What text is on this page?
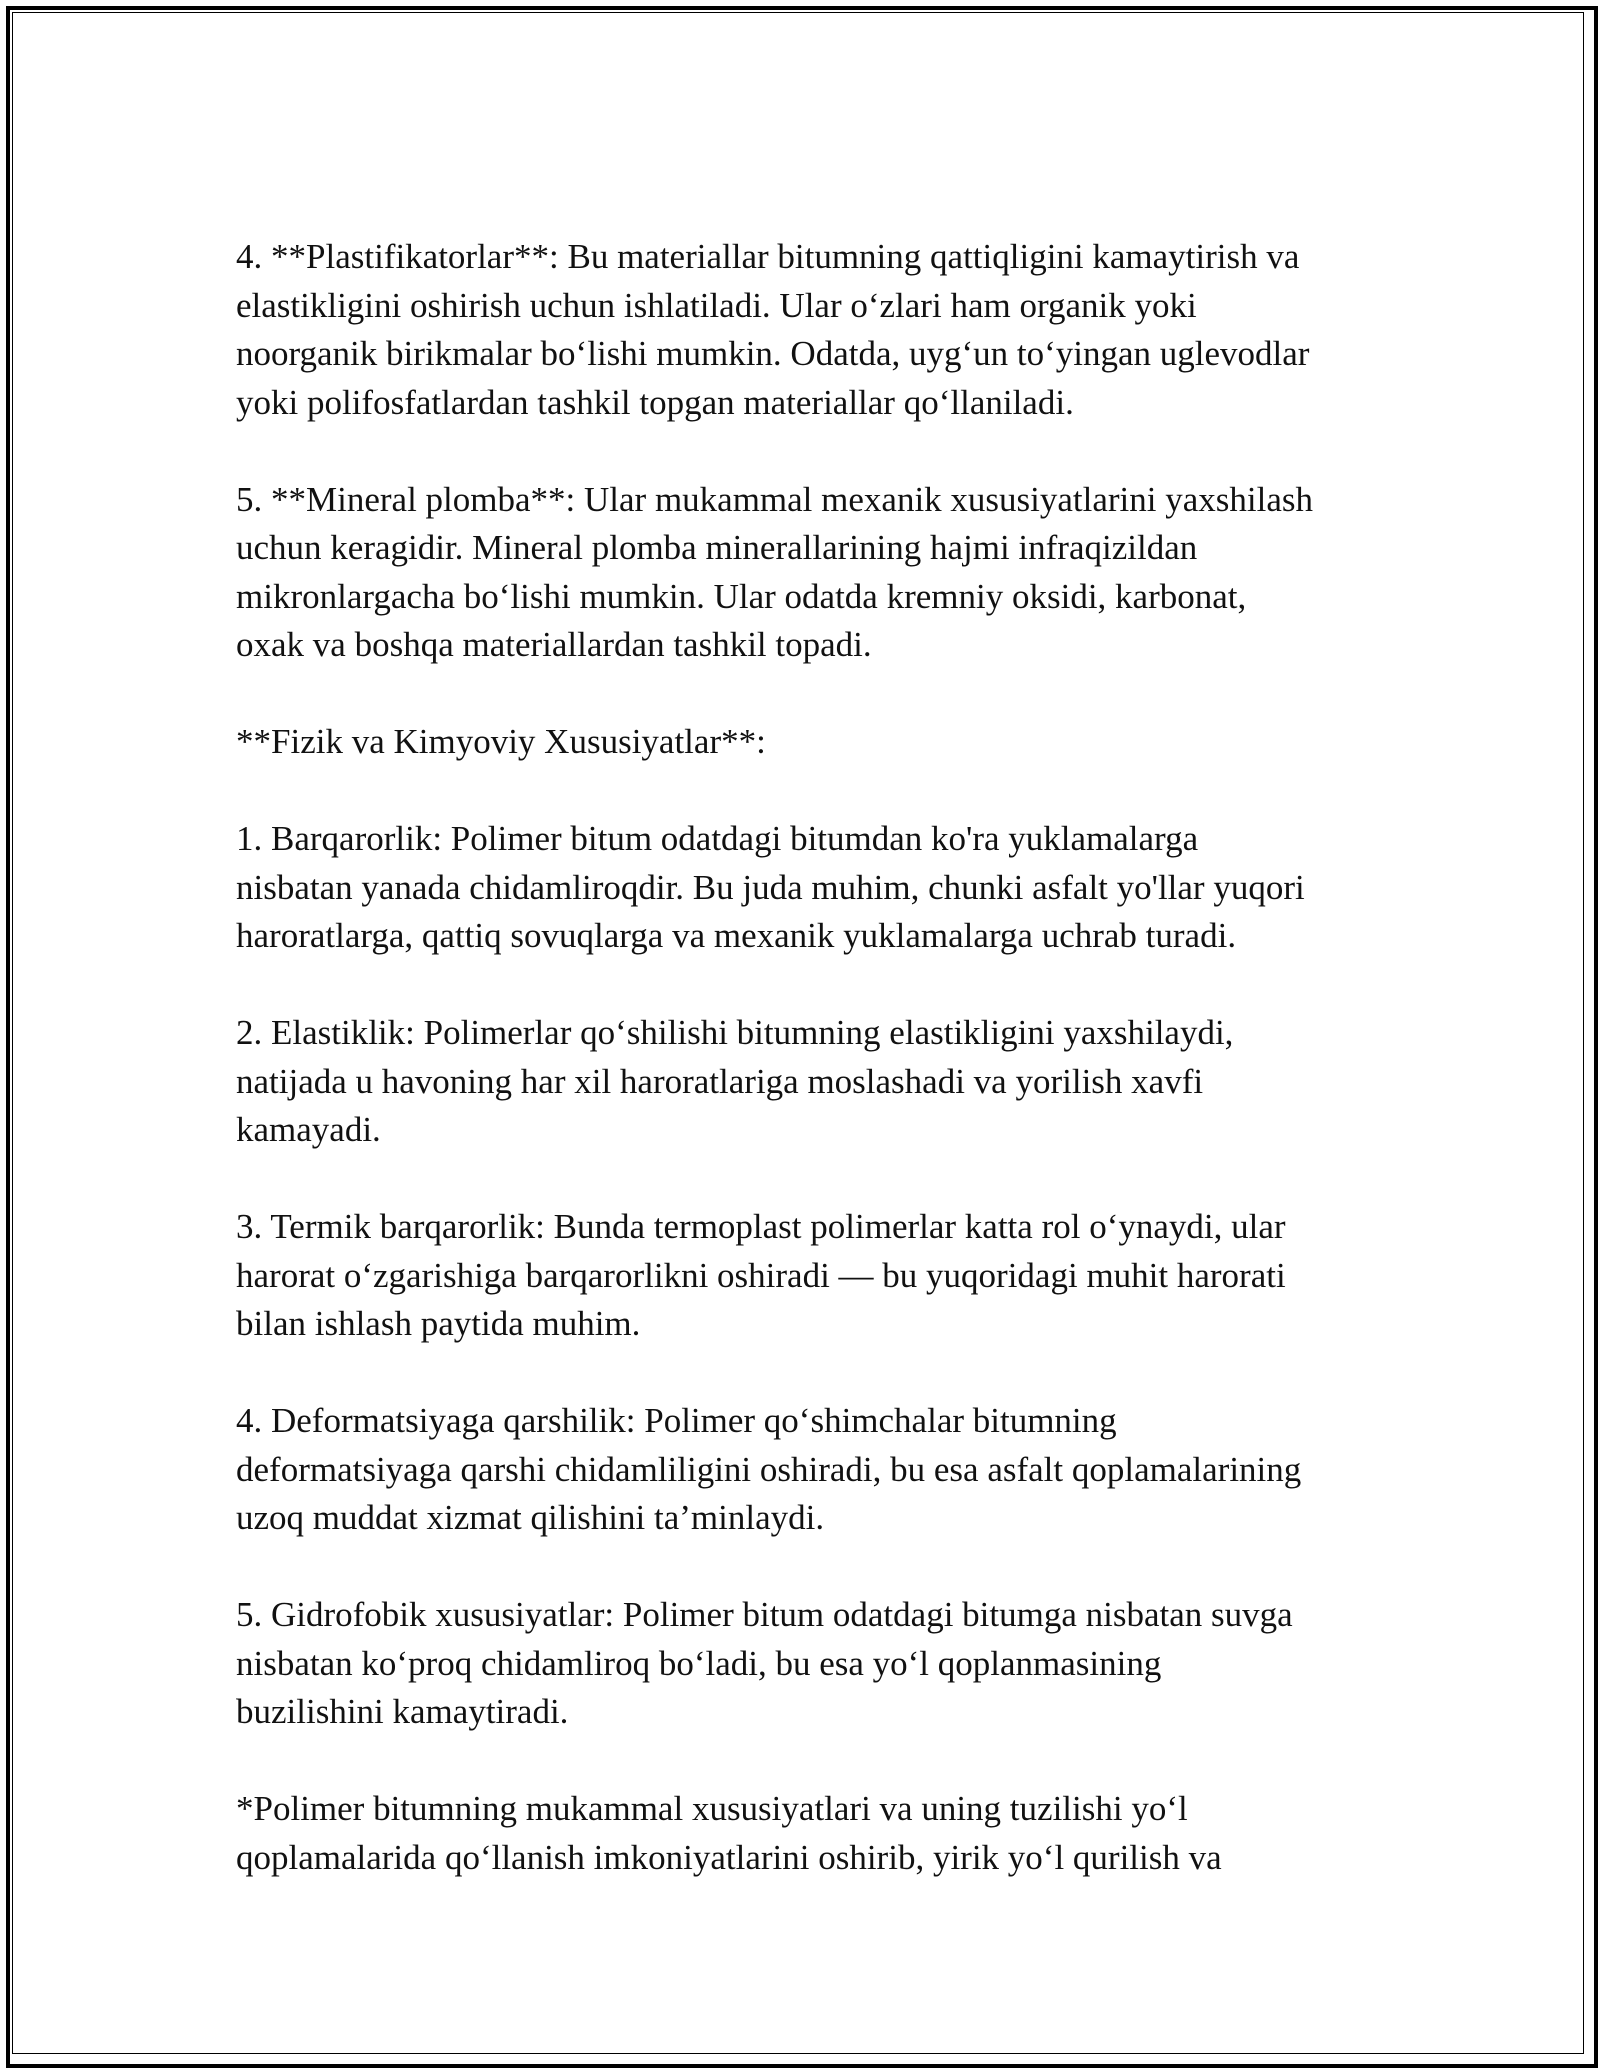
4. **Plastifikatorlar**: Bu materiallar bitumning qattiqligini kamaytirish va
elastikligini oshirish uchun ishlatiladi. Ular o‘zlari ham organik yoki
noorganik birikmalar bo‘lishi mumkin. Odatda, uyg‘un to‘yingan uglevodlar
yoki polifosfatlardan tashkil topgan materiallar qo‘llaniladi.

5. **Mineral plomba**: Ular mukammal mexanik xususiyatlarini yaxshilash
uchun keragidir. Mineral plomba minerallarining hajmi infraqizildan
mikronlargacha bo‘lishi mumkin. Ular odatda kremniy oksidi, karbonat,
oxak va boshqa materiallardan tashkil topadi.

**Fizik va Kimyoviy Xususiyatlar**:

1. Barqarorlik: Polimer bitum odatdagi bitumdan ko'ra yuklamalarga
nisbatan yanada chidamliroqdir. Bu juda muhim, chunki asfalt yo'llar yuqori
haroratlarga, qattiq sovuqlarga va mexanik yuklamalarga uchrab turadi.

2. Elastiklik: Polimerlar qo‘shilishi bitumning elastikligini yaxshilaydi,
natijada u havoning har xil haroratlariga moslashadi va yorilish xavfi
kamayadi.

3. Termik barqarorlik: Bunda termoplast polimerlar katta rol o‘ynaydi, ular
harorat o‘zgarishiga barqarorlikni oshiradi — bu yuqoridagi muhit harorati
bilan ishlash paytida muhim.

4. Deformatsiyaga qarshilik: Polimer qo‘shimchalar bitumning
deformatsiyaga qarshi chidamliligini oshiradi, bu esa asfalt qoplamalarining
uzoq muddat xizmat qilishini ta’minlaydi.

5. Gidrofobik xususiyatlar: Polimer bitum odatdagi bitumga nisbatan suvga
nisbatan ko‘proq chidamliroq bo‘ladi, bu esa yo‘l qoplanmasining
buzilishini kamaytiradi.

*Polimer bitumning mukammal xususiyatlari va uning tuzilishi yo‘l
qoplamalarida qo‘llanish imkoniyatlarini oshirib, yirik yo‘l qurilish va
